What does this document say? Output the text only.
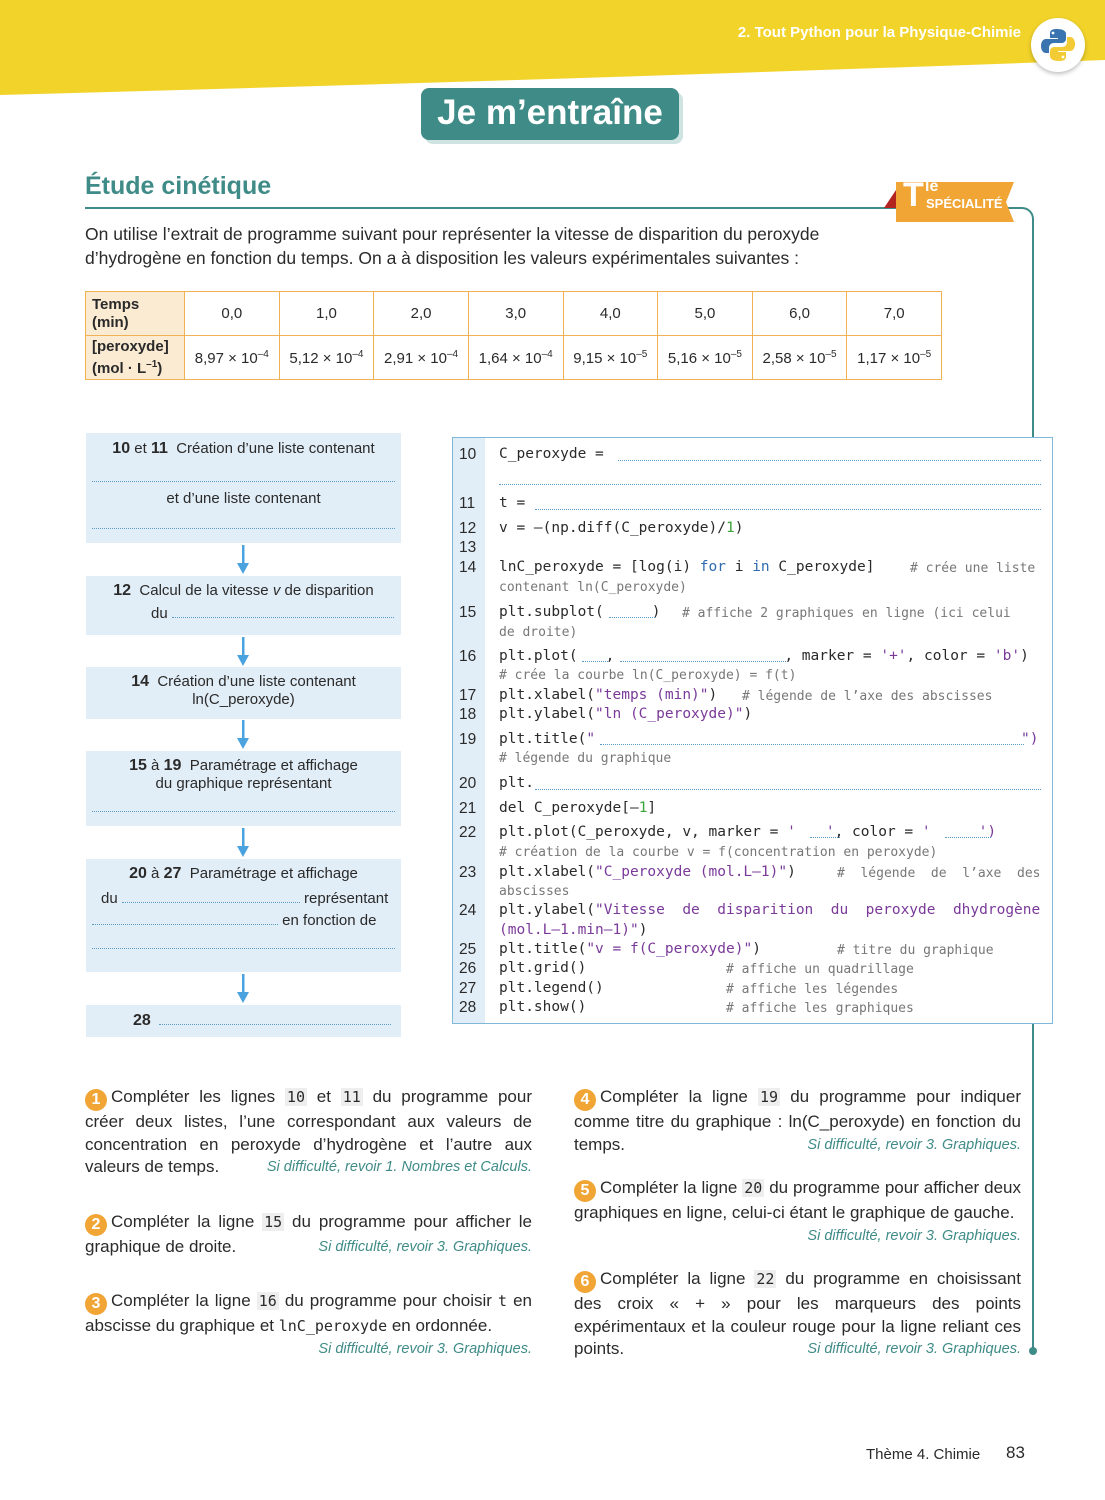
2. Tout Python pour la Physique-Chimie
Je m’entraîne
Étude cinétique	T le
SPÉCIALITÉ
On utilise l’extrait de programme suivant pour représenter la vitesse de disparition du peroxyde d’hydrogène en fonction du temps. On a à disposition les valeurs expérimentales suivantes :
Temps
(min)	0,0	1,0	2,0	3,0	4,0	5,0	6,0	7,0
[peroxyde]
$(mol \cdot L^{-1})$	$8,97 \times 10^{-4}$	$5,12 \times 10^{-4}$	$2,91 \times 10^{-4}$	$1,64 \times 10^{-4}$	$9,15 \times 10^{-5}$	$5,16 \times 10^{-5}$	$2,58 \times 10^{-5}$	$1,17 \times 10^{-5}$
10 et 11 Création d’une liste contenant
et d’une liste contenant
12 Calcul de la vitesse v de disparition
du
14 Création d’une liste contenant
ln(C_peroxyde)
15 à 19 Paramétrage et affichage
du graphique représentant
20 à 27 Paramétrage et affichage
du	représentant
en fonction de
28
10	C_peroxyde =
11	t =
12	v = –(np.diff(C_peroxyde)/1)
13
14	lnC_peroxyde = [log(i) for i in C_peroxyde]	# crée une liste
contenant ln(C_peroxyde)
15	plt.subplot(	) # affiche 2 graphiques en ligne (ici celui
de droite)
16	plt.plot( ,	, marker = '+', color = 'b')
# crée la courbe ln(C_peroxyde) = f(t)
17	plt.xlabel("temps (min)") # légende de l’axe des abscisses
18	plt.ylabel("ln (C_peroxyde)")
19	plt.title("	")
# légende du graphique
20	plt.
21	del C_peroxyde[–1]
22	plt.plot(C_peroxyde, v, marker = ' ', color = '	')
# création de la courbe v = f(concentration en peroxyde)
23	plt.xlabel("C_peroxyde (mol.L–1)")	#  légende  de  l’axe  des
abscisses
24	plt.ylabel("Vitesse  de  disparition  du  peroxyde  dhydrogène
(mol.L–1.min–1)")
25	plt.title("v = f(C_peroxyde)")	# titre du graphique
26	plt.grid()	# affiche un quadrillage
27	plt.legend()	# affiche les légendes
28	plt.show()	# affiche les graphiques
1 Compléter les lignes 10 et 11 du programme pour créer deux listes, l’une correspondant aux valeurs de concentration en peroxyde d’hydrogène et l’autre aux valeurs de temps.	Si difficulté, revoir 1. Nombres et Calculs.
2 Compléter la ligne 15 du programme pour afficher le graphique de droite.	Si difficulté, revoir 3. Graphiques.
3 Compléter la ligne 16 du programme pour choisir t en abscisse du graphique et lnC_peroxyde en ordonnée.
Si difficulté, revoir 3. Graphiques.
4 Compléter la ligne 19 du programme pour indiquer comme titre du graphique : ln(C_peroxyde) en fonction du temps.	Si difficulté, revoir 3. Graphiques.
5 Compléter la ligne 20 du programme pour afficher deux graphiques en ligne, celui-ci étant le graphique de gauche.
Si difficulté, revoir 3. Graphiques.
6 Compléter la ligne 22 du programme en choisissant des croix « + » pour les marqueurs des points expérimentaux et la couleur rouge pour la ligne reliant ces points.	Si difficulté, revoir 3. Graphiques.
Thème 4. Chimie 83
